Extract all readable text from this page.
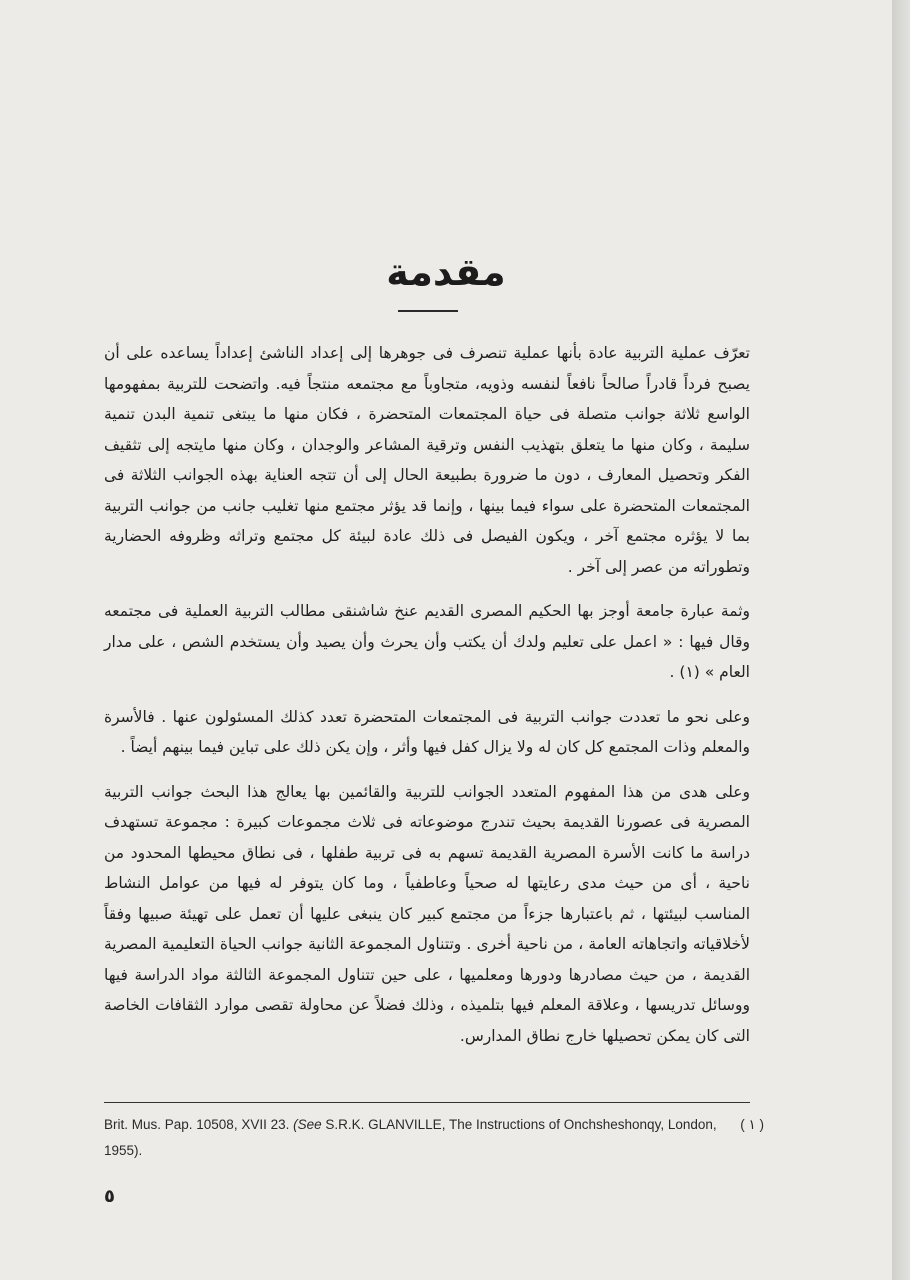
مقدمة

تعرّف عملية التربية عادة بأنها عملية تنصرف فى جوهرها إلى إعداد الناشئ إعداداً يساعده على أن يصبح فرداً قادراً صالحاً نافعاً لنفسه وذويه، متجاوباً مع مجتمعه منتجاً فيه. واتضحت للتربية بمفهومها الواسع ثلاثة جوانب متصلة فى حياة المجتمعات المتحضرة ، فكان منها ما يبتغى تنمية البدن تنمية سليمة ، وكان منها ما يتعلق بتهذيب النفس وترقية المشاعر والوجدان ، وكان منها مايتجه إلى تثقيف الفكر وتحصيل المعارف ، دون ما ضرورة بطبيعة الحال إلى أن تتجه العناية بهذه الجوانب الثلاثة فى المجتمعات المتحضرة على سواء فيما بينها ، وإنما قد يؤثر مجتمع منها تغليب جانب من جوانب التربية بما لا يؤثره مجتمع آخر ، ويكون الفيصل فى ذلك عادة لبيئة كل مجتمع وتراثه وظروفه الحضارية وتطوراته من عصر إلى آخر .

وثمة عبارة جامعة أوجز بها الحكيم المصرى القديم عنخ شاشنقى مطالب التربية العملية فى مجتمعه وقال فيها : « اعمل على تعليم ولدك أن يكتب وأن يحرث وأن يصيد وأن يستخدم الشص ، على مدار العام » (١) .

وعلى نحو ما تعددت جوانب التربية فى المجتمعات المتحضرة تعدد كذلك المسئولون عنها . فالأسرة والمعلم وذات المجتمع كل كان له ولا يزال كفل فيها وأثر ، وإن يكن ذلك على تباين فيما بينهم أيضاً .

وعلى هدى من هذا المفهوم المتعدد الجوانب للتربية والقائمين بها يعالج هذا البحث جوانب التربية المصرية فى عصورنا القديمة بحيث تندرج موضوعاته فى ثلاث مجموعات كبيرة : مجموعة تستهدف دراسة ما كانت الأسرة المصرية القديمة تسهم به فى تربية طفلها ، فى نطاق محيطها المحدود من ناحية ، أى من حيث مدى رعايتها له صحياً وعاطفياً ، وما كان يتوفر له فيها من عوامل النشاط المناسب لبيئتها ، ثم باعتبارها جزءاً من مجتمع كبير كان ينبغى عليها أن تعمل على تهيئة صبيها وفقاً لأخلاقياته واتجاهاته العامة ، من ناحية أخرى . وتتناول المجموعة الثانية جوانب الحياة التعليمية المصرية القديمة ، من حيث مصادرها ودورها ومعلميها ، على حين تتناول المجموعة الثالثة مواد الدراسة فيها ووسائل تدريسها ، وعلاقة المعلم فيها بتلميذه ، وذلك فضلاً عن محاولة تقصى موارد الثقافات الخاصة التى كان يمكن تحصيلها خارج نطاق المدارس.

( ١ )
Brit. Mus. Pap. 10508, XVII 23. (See S.R.K. GLANVILLE, The Instructions of Onchsheshonqy, London, 1955).
٥
